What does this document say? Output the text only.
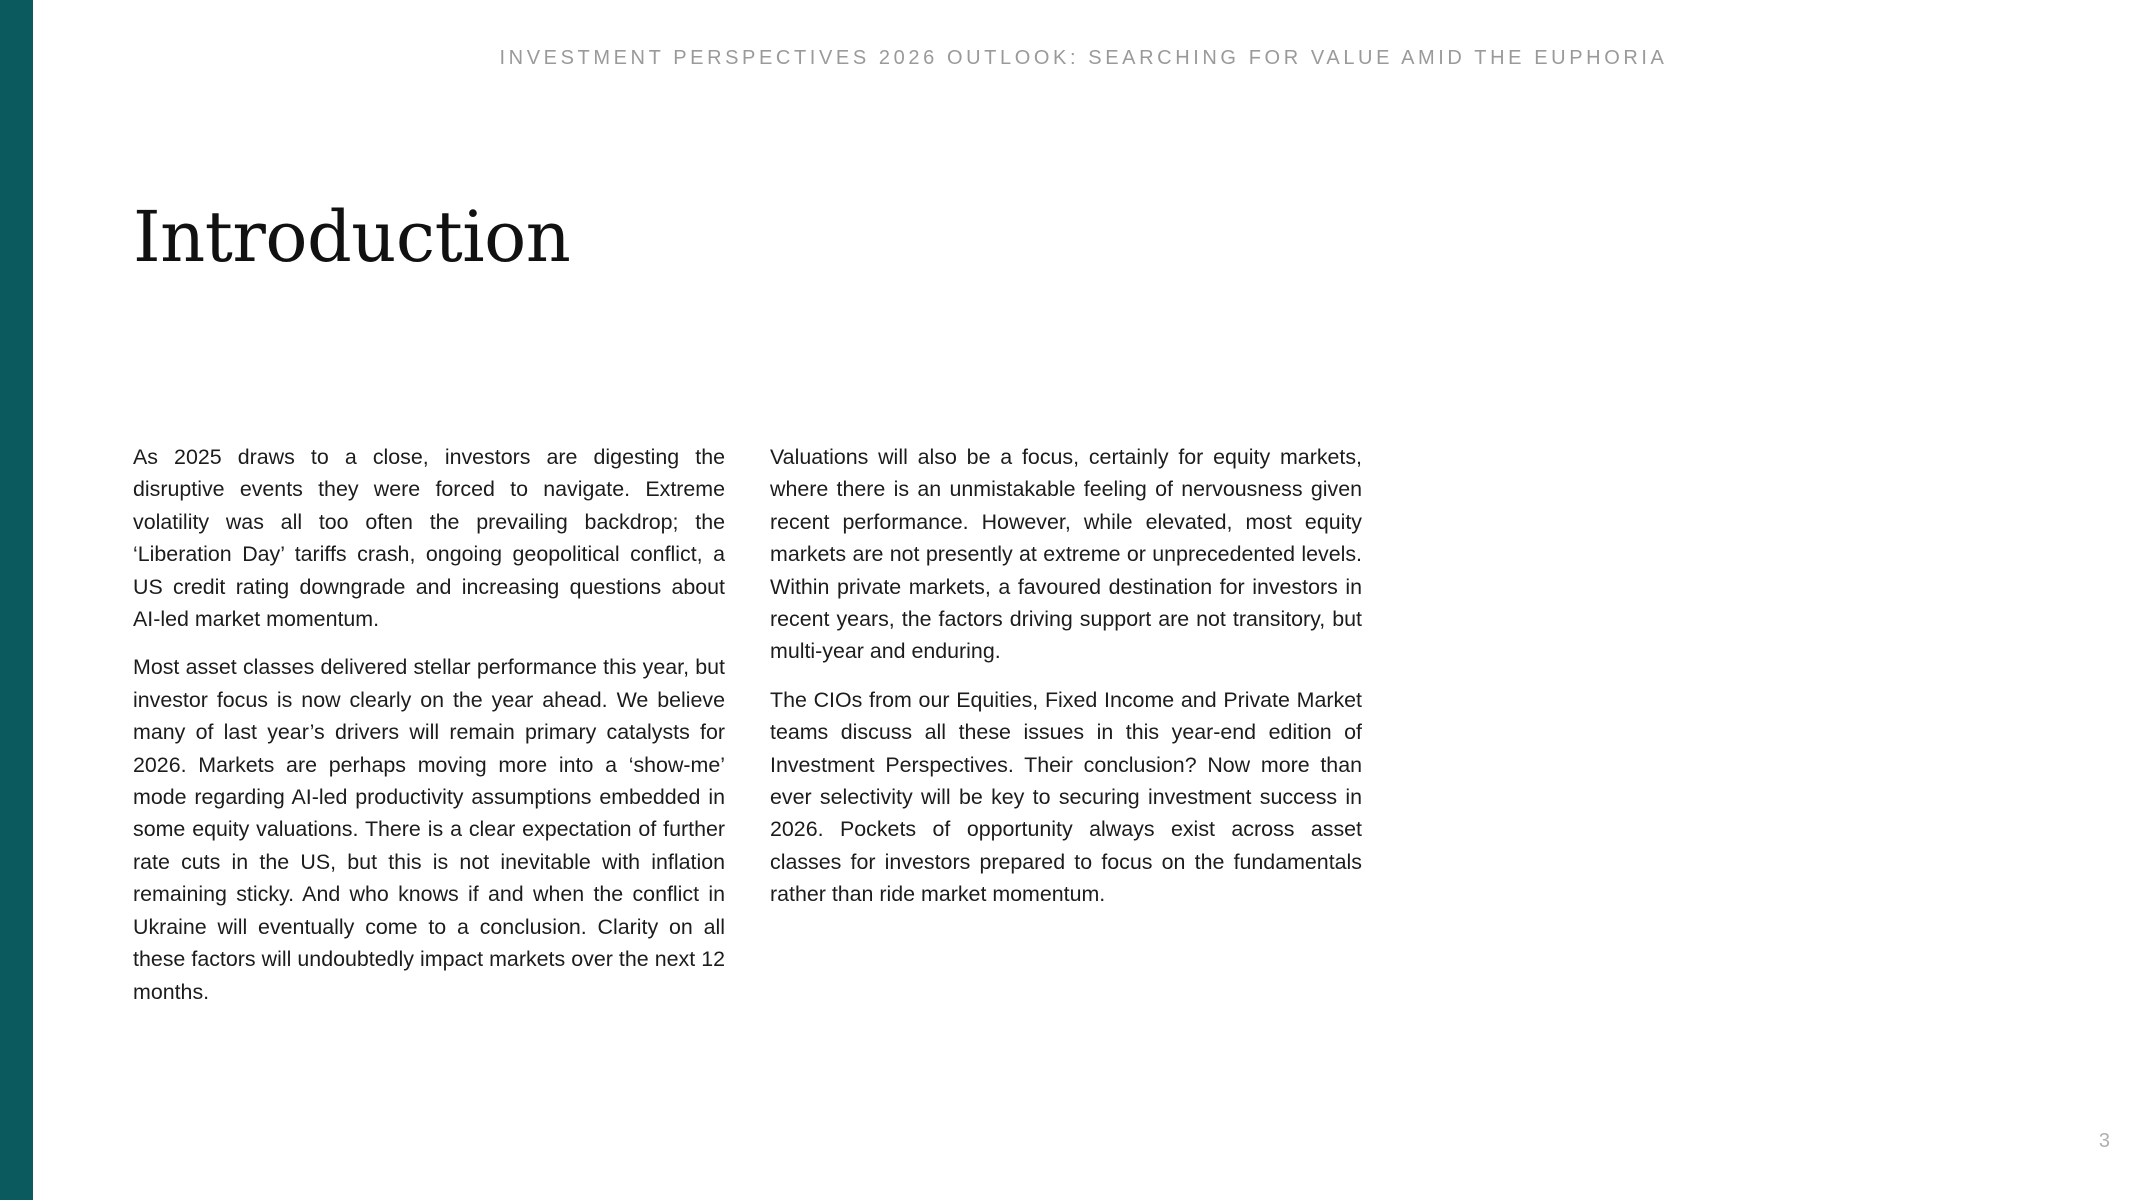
INVESTMENT PERSPECTIVES 2026 OUTLOOK: SEARCHING FOR VALUE AMID THE EUPHORIA
Introduction

As 2025 draws to a close, investors are digesting the disruptive events they were forced to navigate. Extreme volatility was all too often the prevailing backdrop; the ‘Liberation Day’ tariffs crash, ongoing geopolitical conflict, a US credit rating downgrade and increasing questions about AI-led market momentum.

Most asset classes delivered stellar performance this year, but investor focus is now clearly on the year ahead. We believe many of last year’s drivers will remain primary catalysts for 2026. Markets are perhaps moving more into a ‘show-me’ mode regarding AI-led productivity assumptions embedded in some equity valuations. There is a clear expectation of further rate cuts in the US, but this is not inevitable with inflation remaining sticky. And who knows if and when the conflict in Ukraine will eventually come to a conclusion. Clarity on all these factors will undoubtedly impact markets over the next 12 months.

Valuations will also be a focus, certainly for equity markets, where there is an unmistakable feeling of nervousness given recent performance. However, while elevated, most equity markets are not presently at extreme or unprecedented levels. Within private markets, a favoured destination for investors in recent years, the factors driving support are not transitory, but multi-year and enduring.

The CIOs from our Equities, Fixed Income and Private Market teams discuss all these issues in this year-end edition of Investment Perspectives. Their conclusion? Now more than ever selectivity will be key to securing investment success in 2026. Pockets of opportunity always exist across asset classes for investors prepared to focus on the fundamentals rather than ride market momentum.

3
